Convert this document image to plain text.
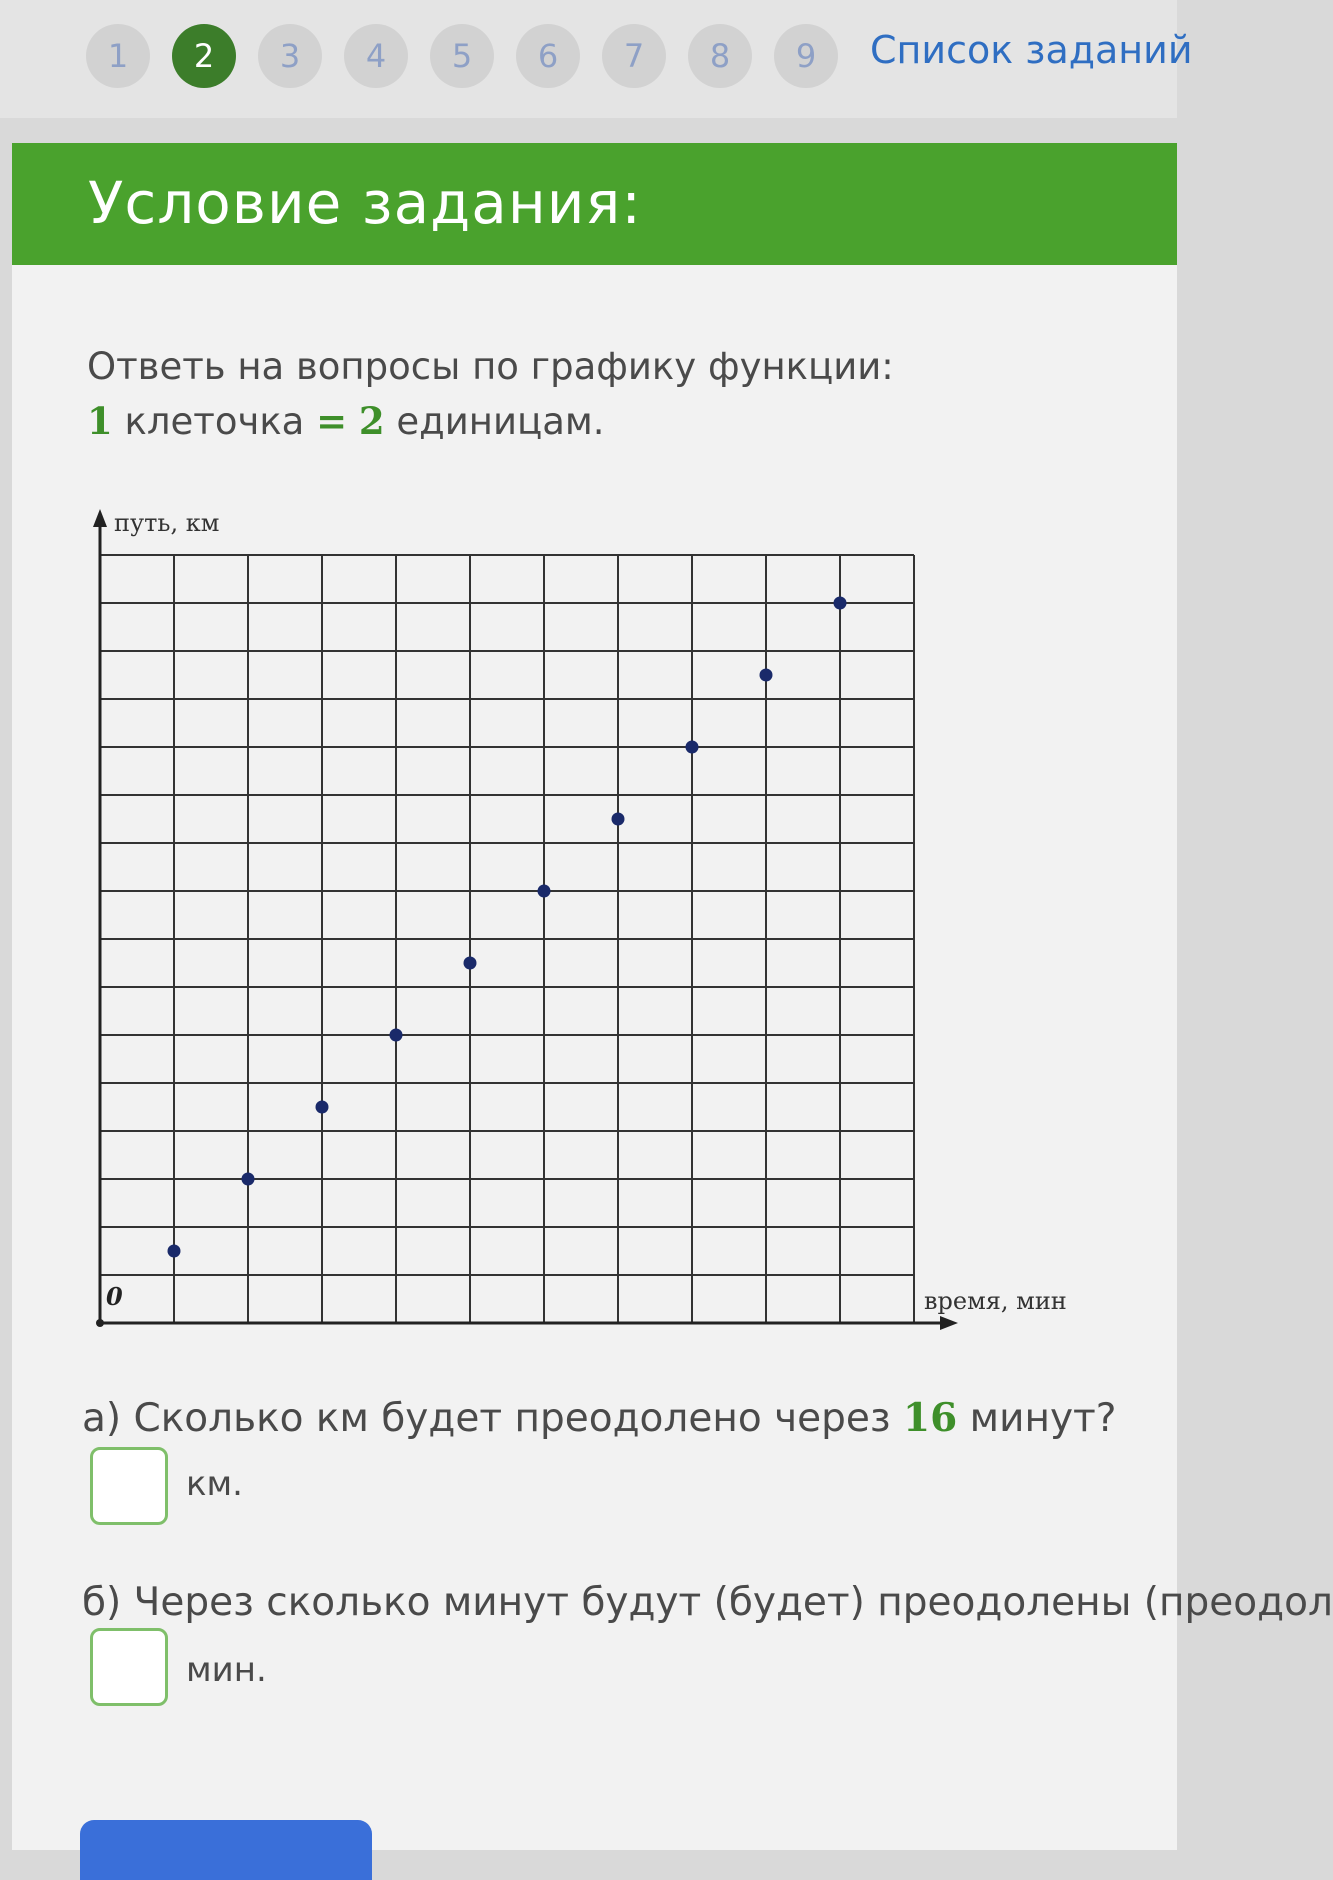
1	2	3	4	5	6	7	8	9	Список заданий
Условие задания:
Ответь на вопросы по графику функции:
1 клеточка = 2 единицам.
путь, км
время, мин
0
а) Сколько км будет преодолено через 16 минут?
км.
б) Через сколько минут будут (будет) преодолены (преодол
мин.
